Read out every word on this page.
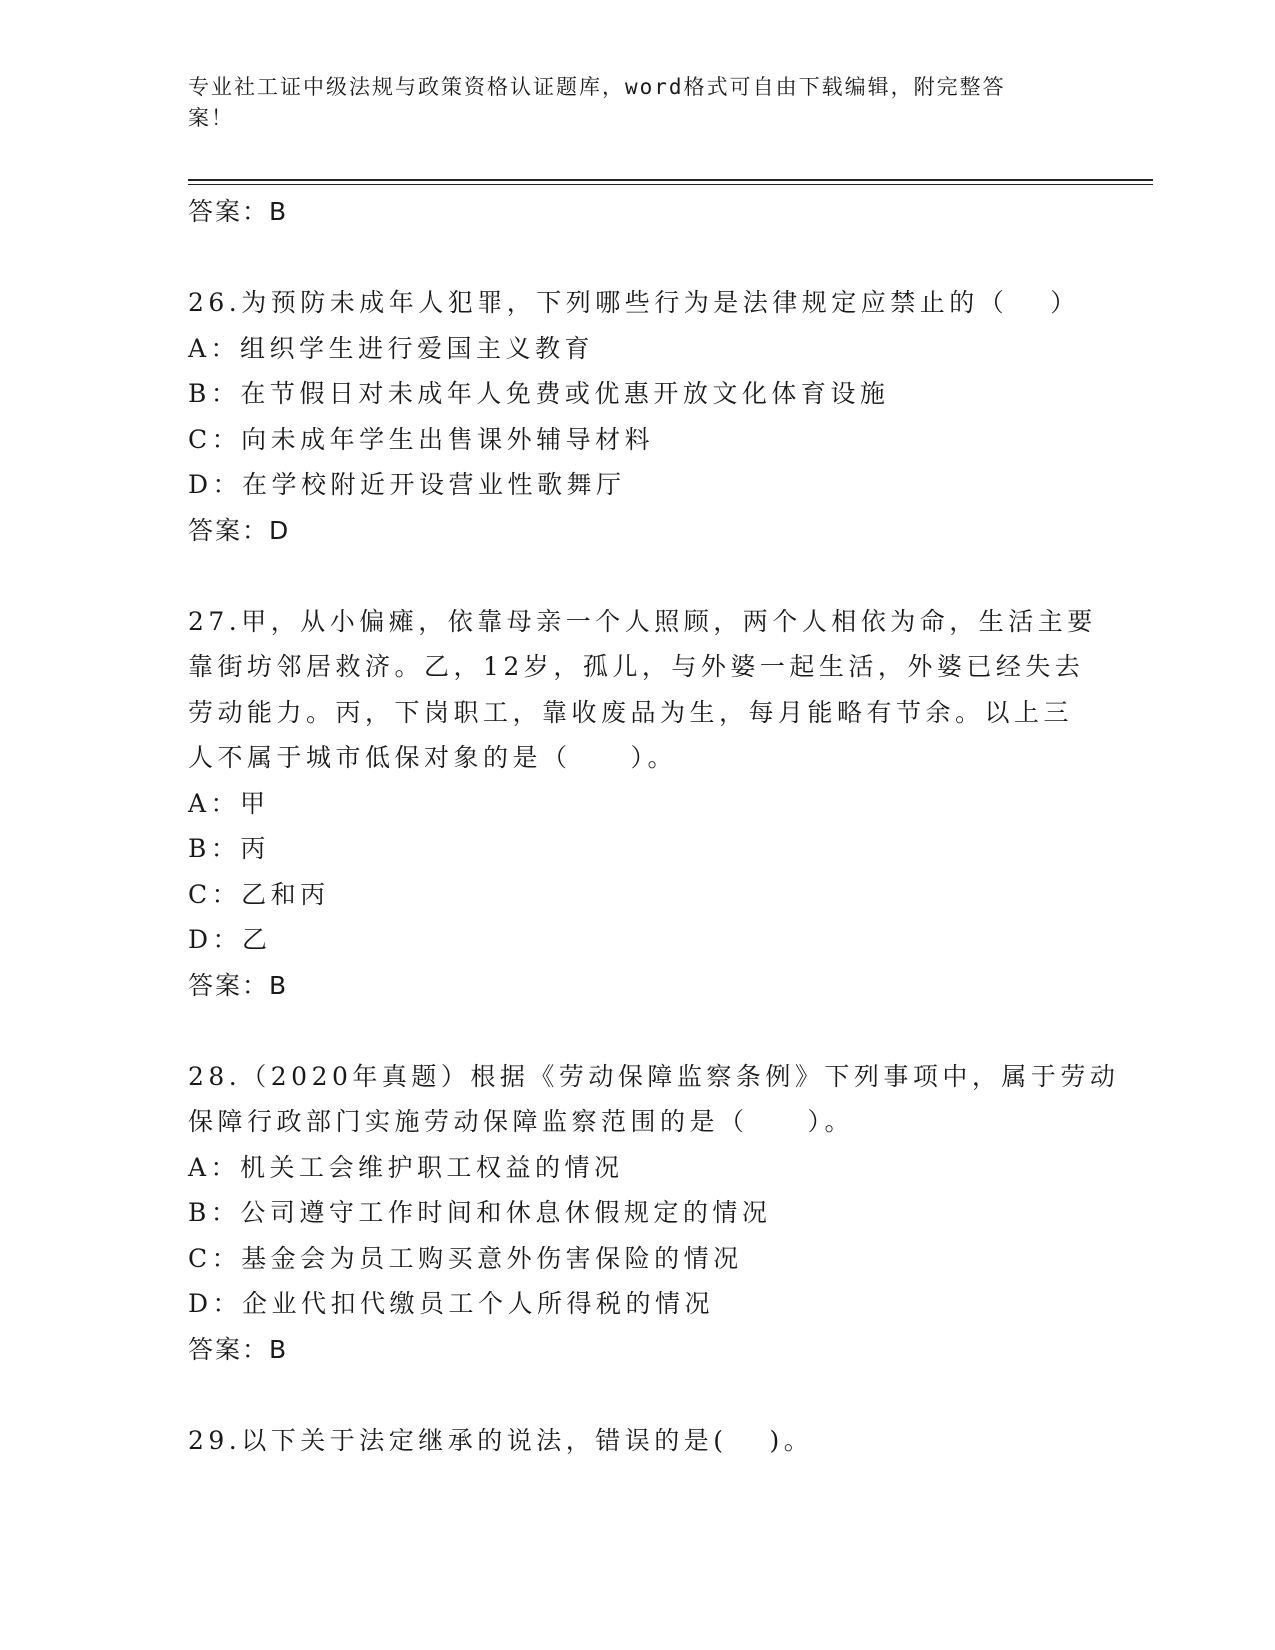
专业社工证中级法规与政策资格认证题库，word格式可自由下载编辑，附完整答
案！
答案：B
26.为预防未成年人犯罪，下列哪些行为是法律规定应禁止的（　 ）
A：组织学生进行爱国主义教育
B：在节假日对未成年人免费或优惠开放文化体育设施
C：向未成年学生出售课外辅导材料
D：在学校附近开设营业性歌舞厅
答案：D
27.甲，从小偏瘫，依靠母亲一个人照顾，两个人相依为命，生活主要
靠街坊邻居救济。乙，12岁，孤儿，与外婆一起生活，外婆已经失去
劳动能力。丙，下岗职工，靠收废品为生，每月能略有节余。以上三
人不属于城市低保对象的是（　　）。
A：甲
B：丙
C：乙和丙
D：乙
答案：B
28.（2020年真题）根据《劳动保障监察条例》下列事项中，属于劳动
保障行政部门实施劳动保障监察范围的是（　　）。
A：机关工会维护职工权益的情况
B：公司遵守工作时间和休息休假规定的情况
C：基金会为员工购买意外伤害保险的情况
D：企业代扣代缴员工个人所得税的情况
答案：B
29.以下关于法定继承的说法，错误的是(　 )。
